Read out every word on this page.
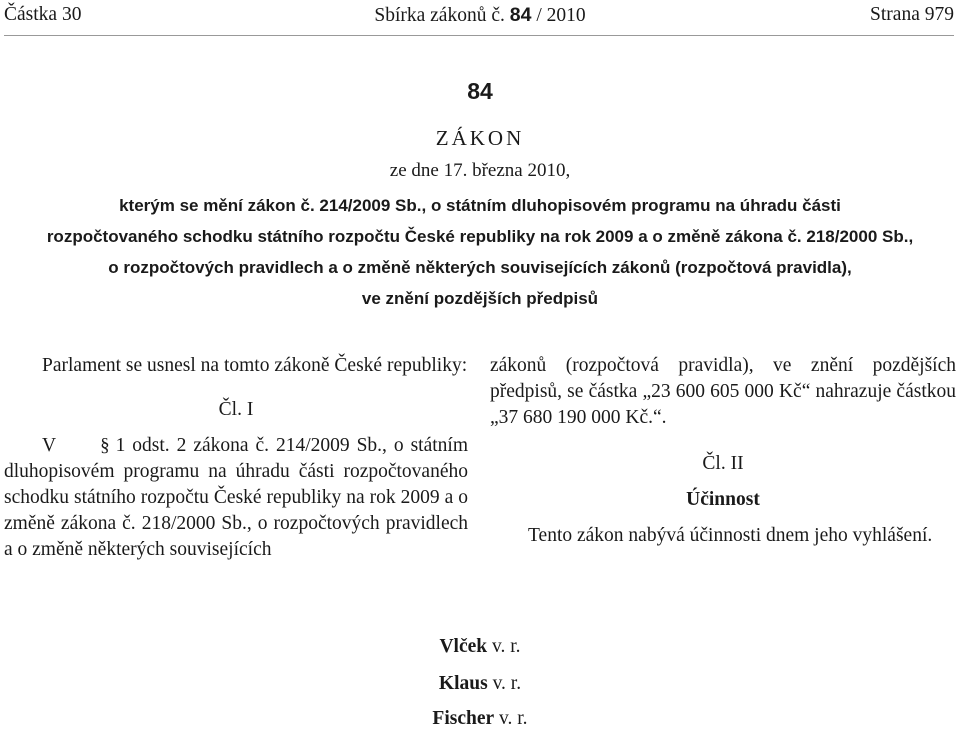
Částka 30	Sbírka zákonů č. 84 / 2010	Strana 979
84
ZÁKON
ze dne 17. března 2010,
kterým se mění zákon č. 214/2009 Sb., o státním dluhopisovém programu na úhradu části
rozpočtovaného schodku státního rozpočtu České republiky na rok 2009 a o změně zákona č. 218/2000 Sb.,
o rozpočtových pravidlech a o změně některých souvisejících zákonů (rozpočtová pravidla),
ve znění pozdějších předpisů

Parlament se usnesl na tomto zákoně České republiky:

Čl. I

V § 1 odst. 2 zákona č. 214/2009 Sb., o státním dluhopisovém programu na úhradu části rozpočtovaného schodku státního rozpočtu České republiky na rok 2009 a o změně zákona č. 218/2000 Sb., o rozpočtových pravidlech a o změně některých souvisejících

zákonů (rozpočtová pravidla), ve znění pozdějších předpisů, se částka „23 600 605 000 Kč“ nahrazuje částkou „37 680 190 000 Kč.“.

Čl. II
Účinnost

Tento zákon nabývá účinnosti dnem jeho vyhlášení.

Vlček v. r.
Klaus v. r.
Fischer v. r.
